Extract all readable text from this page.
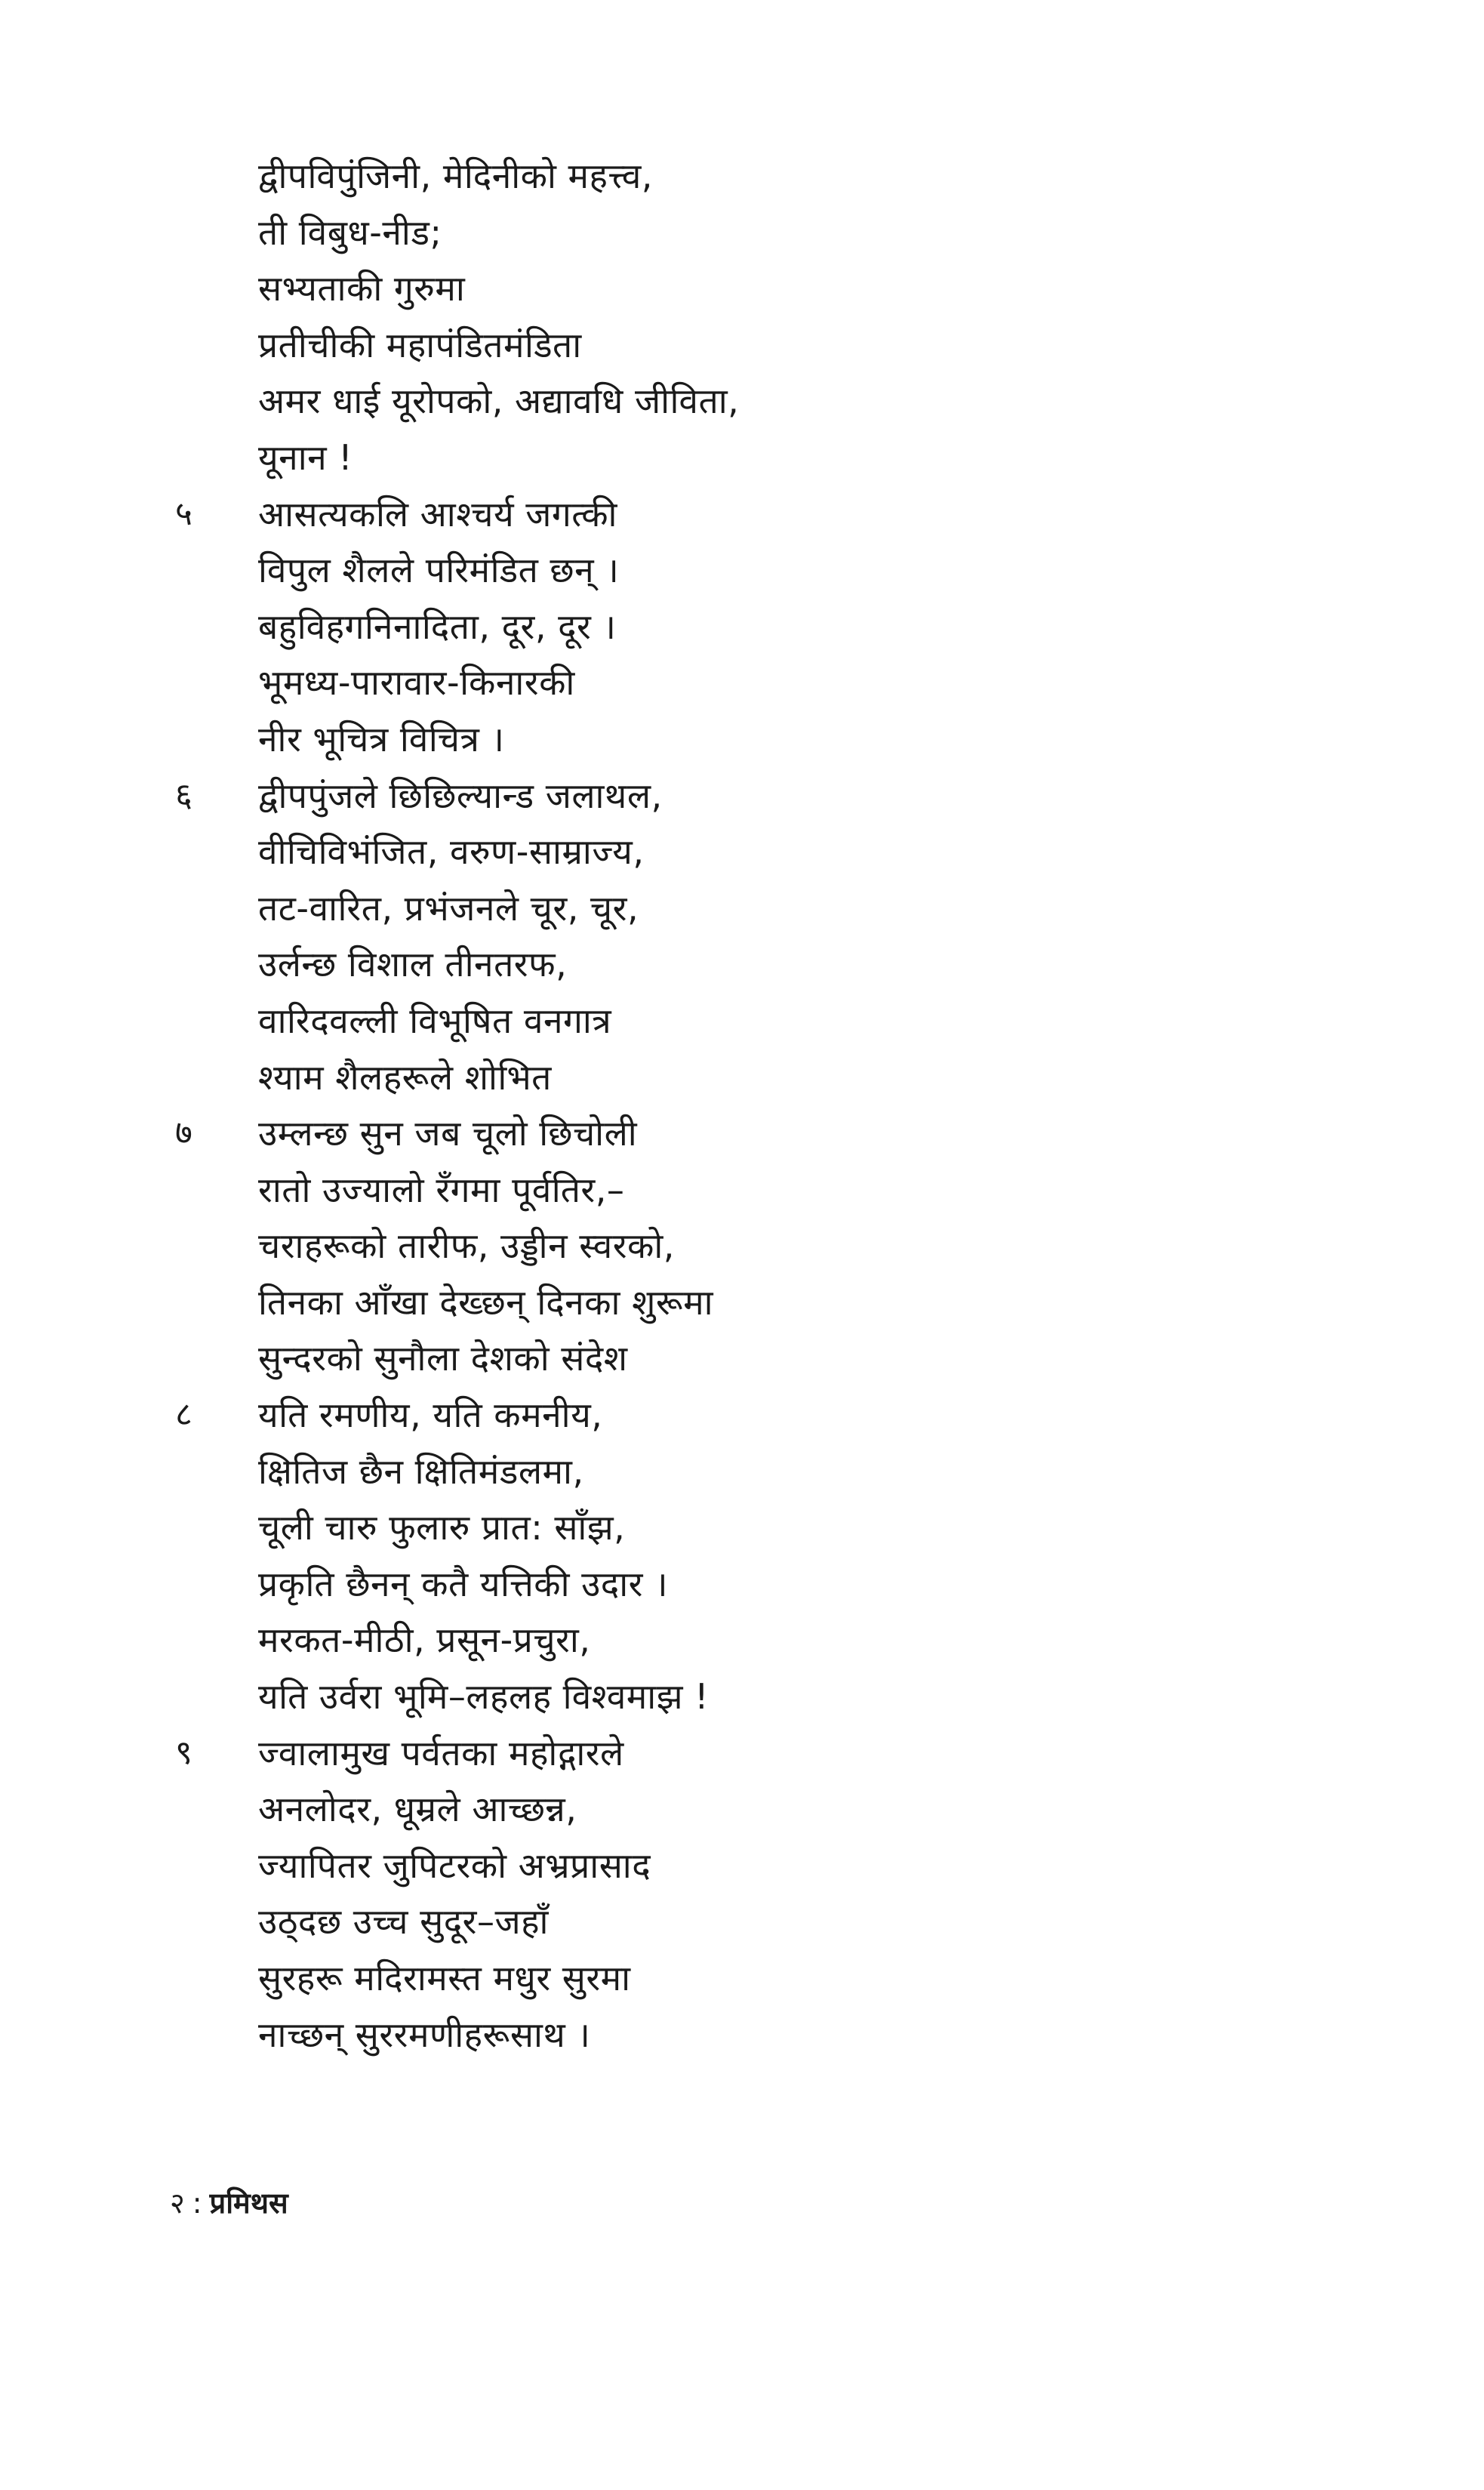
द्वीपविपुंजिनी, मेदिनीको महत्त्व,
ती विबुध-नीड;
सभ्यताकी गुरुमा
प्रतीचीकी महापंडितमंडिता
अमर धाई यूरोपको, अद्यावधि जीविता,
यूनान !
५ आसत्यकलि आश्चर्य जगत्की
विपुल शैलले परिमंडित छन् ।
बहुविहगनिनादिता, दूर, दूर ।
भूमध्य-पारावार-किनारकी
नीर भूचित्र विचित्र ।
६ द्वीपपुंजले छिछिल्यान्ड जलाथल,
वीचिविभंजित, वरुण-साम्राज्य,
तट-वारित, प्रभंजनले चूर, चूर,
उर्लन्छ विशाल तीनतरफ,
वारिदवल्ली विभूषित वनगात्र
श्याम शैलहरूले शोभित
७ उम्लन्छ सुन जब चूलो छिचोली
रातो उज्यालो रँगमा पूर्वतिर,–
चराहरूको तारीफ, उड्डीन स्वरको,
तिनका आँखा देख्छन् दिनका शुरूमा
सुन्दरको सुनौला देशको संदेश
८ यति रमणीय, यति कमनीय,
क्षितिज छैन क्षितिमंडलमा,
चूली चारु फुलारु प्रात: साँझ,
प्रकृति छैनन् कतै यत्तिकी उदार ।
मरकत-मीठी, प्रसून-प्रचुरा,
यति उर्वरा भूमि–लहलह विश्वमाझ !
९ ज्वालामुख पर्वतका महोद्गारले
अनलोदर, धूम्रले आच्छन्न,
ज्यापितर जुपिटरको अभ्रप्रासाद
उठ्दछ उच्च सुदूर–जहाँ
सुरहरू मदिरामस्त मधुर सुरमा
नाच्छन् सुररमणीहरूसाथ ।
२ : प्रमिथस
